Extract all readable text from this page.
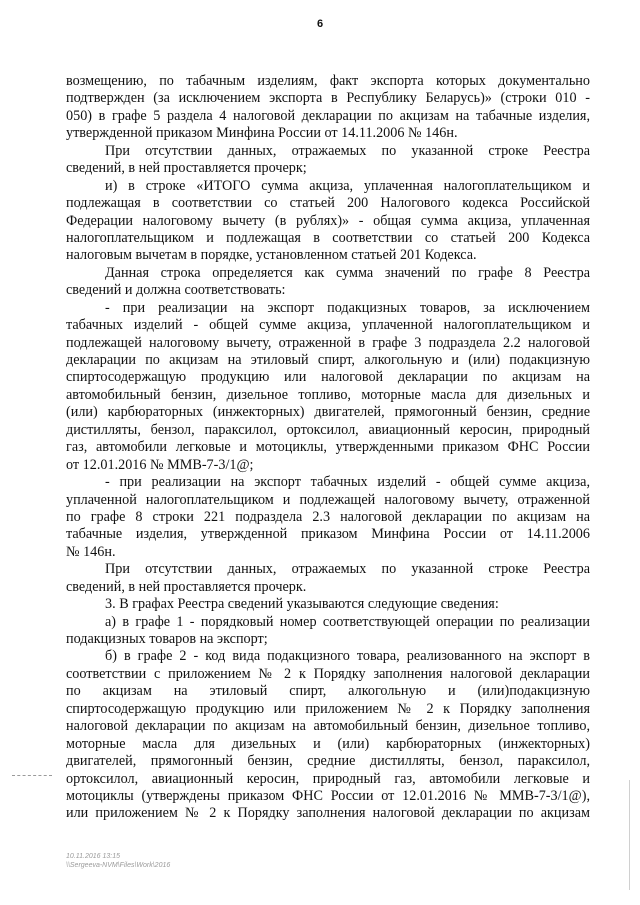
6
возмещению, по табачным изделиям, факт экспорта которых документально
подтвержден (за исключением экспорта в Республику Беларусь)» (строки 010 -
050) в графе 5 раздела 4 налоговой декларации по акцизам на табачные изделия,
утвержденной приказом Минфина России от 14.11.2006 № 146н.
При отсутствии данных, отражаемых по указанной строке Реестра
сведений, в ней проставляется прочерк;
и) в строке «ИТОГО сумма акциза, уплаченная налогоплательщиком и
подлежащая в соответствии со статьей 200 Налогового кодекса Российской
Федерации налоговому вычету (в рублях)» - общая сумма акциза, уплаченная
налогоплательщиком и подлежащая в соответствии со статьей 200 Кодекса
налоговым вычетам в порядке, установленном статьей 201 Кодекса.
Данная строка определяется как сумма значений по графе 8 Реестра
сведений и должна соответствовать:
- при реализации на экспорт подакцизных товаров, за исключением
табачных изделий - общей сумме акциза, уплаченной налогоплательщиком и
подлежащей налоговому вычету, отраженной в графе 3 подраздела 2.2 налоговой
декларации по акцизам на этиловый спирт, алкогольную и (или) подакцизную
спиртосодержащую продукцию или налоговой декларации по акцизам на
автомобильный бензин, дизельное топливо, моторные масла для дизельных и
(или) карбюраторных (инжекторных) двигателей, прямогонный бензин, средние
дистилляты, бензол, параксилол, ортоксилол, авиационный керосин, природный
газ, автомобили легковые и мотоциклы, утвержденными приказом ФНС России
от 12.01.2016 № ММВ-7-3/1@;
- при реализации на экспорт табачных изделий - общей сумме акциза,
уплаченной налогоплательщиком и подлежащей налоговому вычету, отраженной
по графе 8 строки 221 подраздела 2.3 налоговой декларации по акцизам на
табачные изделия, утвержденной приказом Минфина России от 14.11.2006
№ 146н.
При отсутствии данных, отражаемых по указанной строке Реестра
сведений, в ней проставляется прочерк.
3. В графах Реестра сведений указываются следующие сведения:
а) в графе 1 - порядковый номер соответствующей операции по реализации
подакцизных товаров на экспорт;
б) в графе 2 - код вида подакцизного товара, реализованного на экспорт в
соответствии с приложением № 2 к Порядку заполнения налоговой декларации
по акцизам на этиловый спирт, алкогольную и (или)подакцизную
спиртосодержащую продукцию или приложением № 2 к Порядку заполнения
налоговой декларации по акцизам на автомобильный бензин, дизельное топливо,
моторные масла для дизельных и (или) карбюраторных (инжекторных)
двигателей, прямогонный бензин, средние дистилляты, бензол, параксилол,
ортоксилол, авиационный керосин, природный газ, автомобили легковые и
мотоциклы (утверждены приказом ФНС России от 12.01.2016 № ММВ-7-3/1@),
или приложением № 2 к Порядку заполнения налоговой декларации по акцизам
10.11.2016 13:15
\\Sergeeva-NVM\Files\Work\2016
